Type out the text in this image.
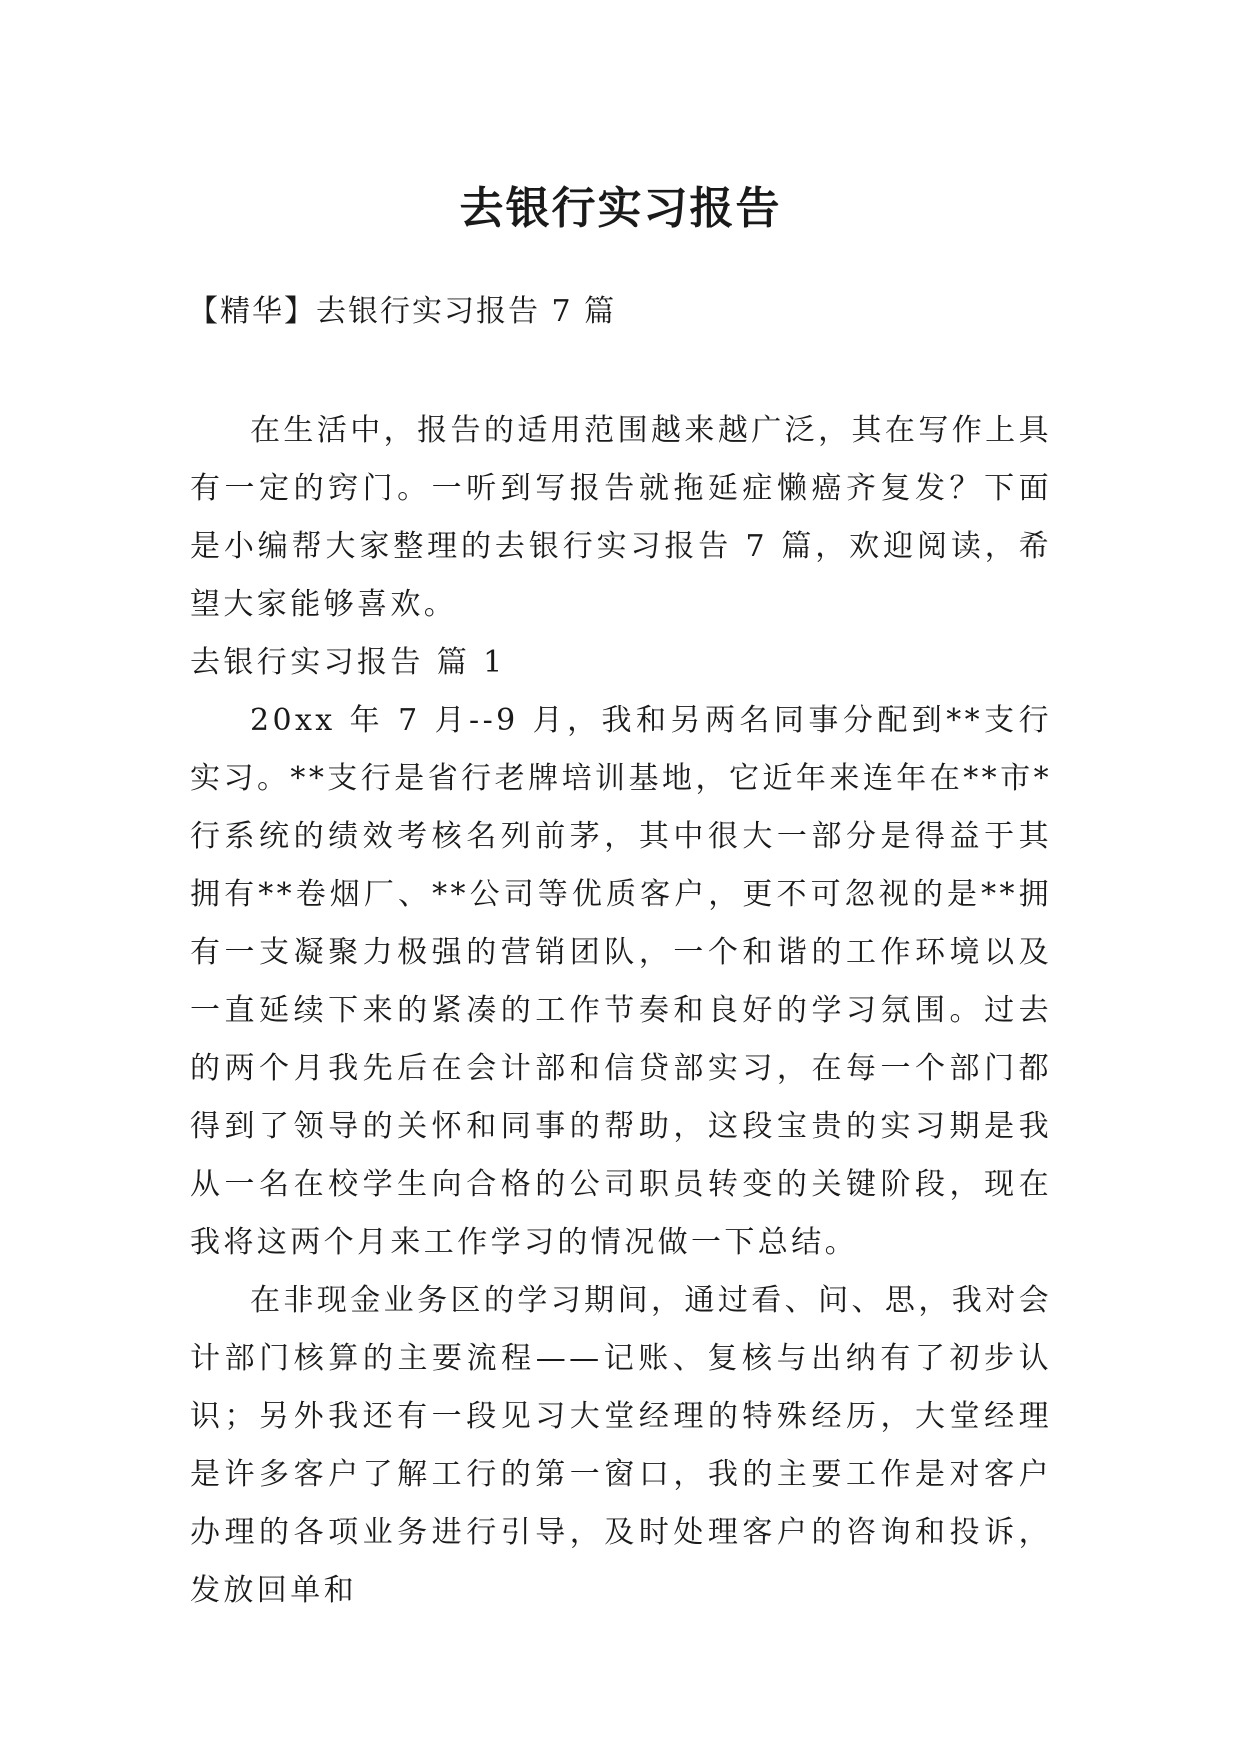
去银行实习报告
【精华】去银行实习报告 7 篇

在生活中，报告的适用范围越来越广泛，其在写作上具有一定的窍门。一听到写报告就拖延症懒癌齐复发？下面是小编帮大家整理的去银行实习报告 7 篇，欢迎阅读，希望大家能够喜欢。

去银行实习报告 篇 1

20xx 年 7 月--9 月，我和另两名同事分配到**支行实习。**支行是省行老牌培训基地，它近年来连年在**市*行系统的绩效考核名列前茅，其中很大一部分是得益于其拥有**卷烟厂、**公司等优质客户，更不可忽视的是**拥有一支凝聚力极强的营销团队，一个和谐的工作环境以及一直延续下来的紧凑的工作节奏和良好的学习氛围。过去的两个月我先后在会计部和信贷部实习，在每一个部门都得到了领导的关怀和同事的帮助，这段宝贵的实习期是我从一名在校学生向合格的公司职员转变的关键阶段，现在我将这两个月来工作学习的情况做一下总结。

在非现金业务区的学习期间，通过看、问、思，我对会计部门核算的主要流程——记账、复核与出纳有了初步认识；另外我还有一段见习大堂经理的特殊经历，大堂经理是许多客户了解工行的第一窗口，我的主要工作是对客户办理的各项业务进行引导，及时处理客户的咨询和投诉，发放回单和
